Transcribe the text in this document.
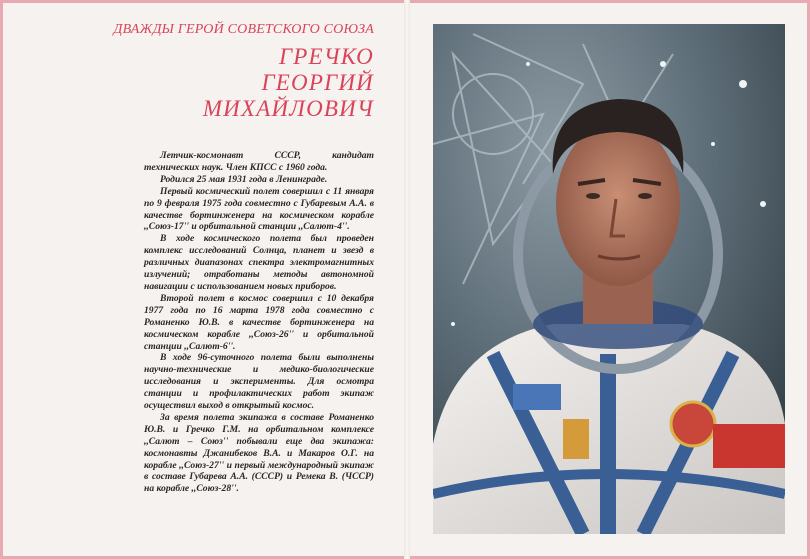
ДВАЖДЫ ГЕРОЙ СОВЕТСКОГО СОЮЗА
ГРЕЧКО
ГЕОРГИЙ
МИХАЙЛОВИЧ

Летчик-космонавт СССР, кандидат технических наук. Член КПСС с 1960 года.

Родился 25 мая 1931 года в Ленинграде.

Первый космический полет совершил с 11 января по 9 февраля 1975 года совместно с Губаревым А.А. в качестве бортинженера на космическом корабле ,,Союз-17'' и орбитальной станции ,,Салют-4''.

В ходе космического полета был проведен комплекс исследований Солнца, планет и звезд в различных диапазонах спектра электромагнитных излучений; отработаны методы автономной навигации с использованием новых приборов.

Второй полет в космос совершил с 10 декабря 1977 года по 16 марта 1978 года совместно с Романенко Ю.В. в качестве бортинженера на космическом корабле ,,Союз-26'' и орбитальной станции ,,Салют-6''.

В ходе 96-суточного полета были выполнены научно-технические и медико-биологические исследования и эксперименты. Для осмотра станции и профилактических работ экипаж осуществил выход в открытый космос.

За время полета экипажа в составе Романенко Ю.В. и Гречко Г.М. на орбитальном комплексе ,,Салют – Союз'' побывали еще два экипажа: космонавты Джанибеков В.А. и Макаров О.Г. на корабле ,,Союз-27'' и первый международный экипаж в составе Губарева А.А. (СССР) и Ремека В. (ЧССР) на корабле ,,Союз-28''.
